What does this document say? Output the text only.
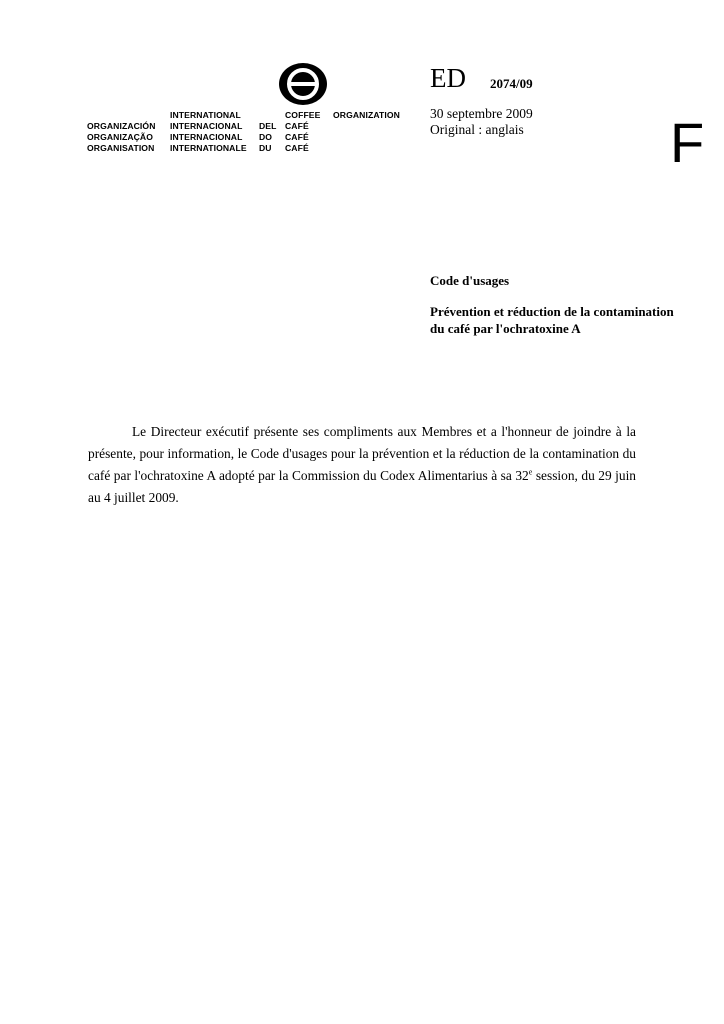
INTERNATIONAL	COFFEE ORGANIZATION
ORGANIZACIÓN INTERNACIONAL DEL CAFÉ
ORGANIZAÇÃO INTERNACIONAL DO CAFÉ
ORGANISATION INTERNATIONALE DU CAFÉ
ED 2074/09
30 septembre 2009
Original : anglais	F

Code d'usages

Prévention et réduction de la contamination

du café par l'ochratoxine A

Le Directeur exécutif présente ses compliments aux Membres et a l'honneur de joindre à la présente, pour information, le Code d'usages pour la prévention et la réduction de la contamination du café par l'ochratoxine A adopté par la Commission du Codex Alimentarius à sa 32e session, du 29 juin au 4 juillet 2009.
